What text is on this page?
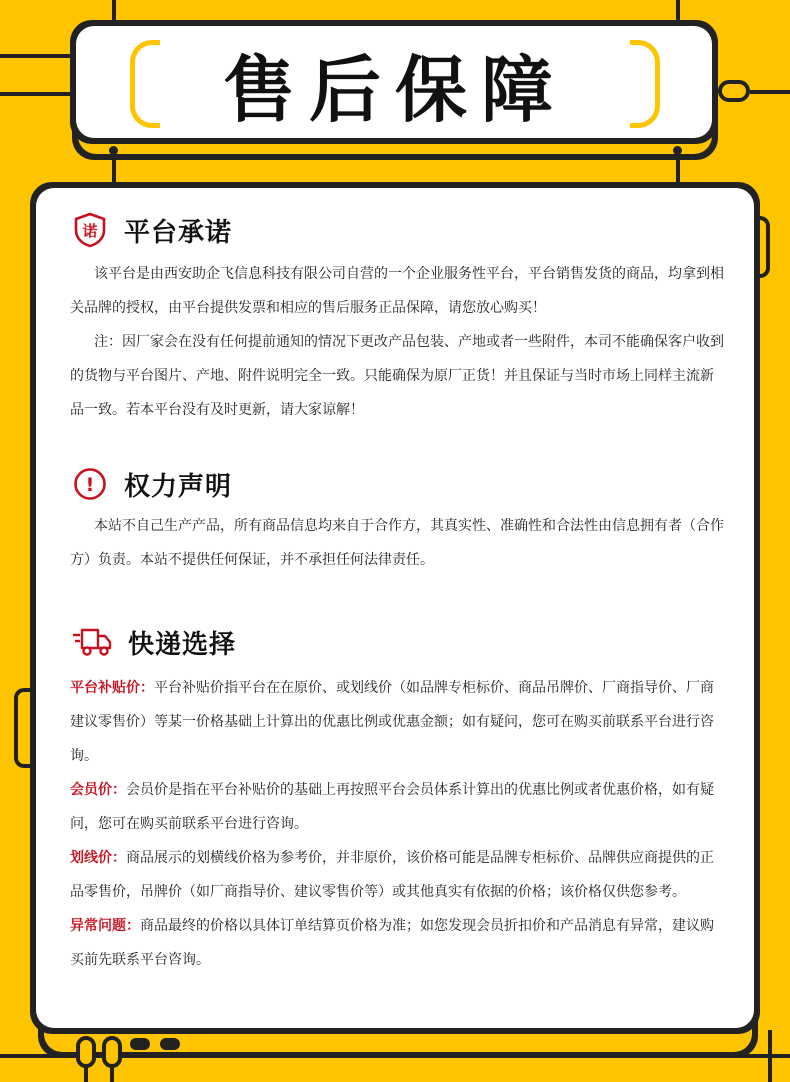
售后保障
诺 平台承诺
该平台是由西安助企飞信息科技有限公司自营的一个企业服务性平台，平台销售发货的商品，均拿到相关品牌的授权，由平台提供发票和相应的售后服务正品保障，请您放心购买！
注：因厂家会在没有任何提前通知的情况下更改产品包装、产地或者一些附件，本司不能确保客户收到的货物与平台图片、产地、附件说明完全一致。只能确保为原厂正货！并且保证与当时市场上同样主流新品一致。若本平台没有及时更新，请大家谅解！
! 权力声明
本站不自己生产产品，所有商品信息均来自于合作方，其真实性、准确性和合法性由信息拥有者（合作方）负责。本站不提供任何保证，并不承担任何法律责任。
快递选择
平台补贴价：平台补贴价指平台在在原价、或划线价（如品牌专柜标价、商品吊牌价、厂商指导价、厂商建议零售价）等某一价格基础上计算出的优惠比例或优惠金额；如有疑问，您可在购买前联系平台进行咨询。
会员价：会员价是指在平台补贴价的基础上再按照平台会员体系计算出的优惠比例或者优惠价格，如有疑问，您可在购买前联系平台进行咨询。
划线价：商品展示的划横线价格为参考价，并非原价，该价格可能是品牌专柜标价、品牌供应商提供的正品零售价，吊牌价（如厂商指导价、建议零售价等）或其他真实有依据的价格；该价格仅供您参考。
异常问题：商品最终的价格以具体订单结算页价格为准；如您发现会员折扣价和产品消息有异常，建议购买前先联系平台咨询。
